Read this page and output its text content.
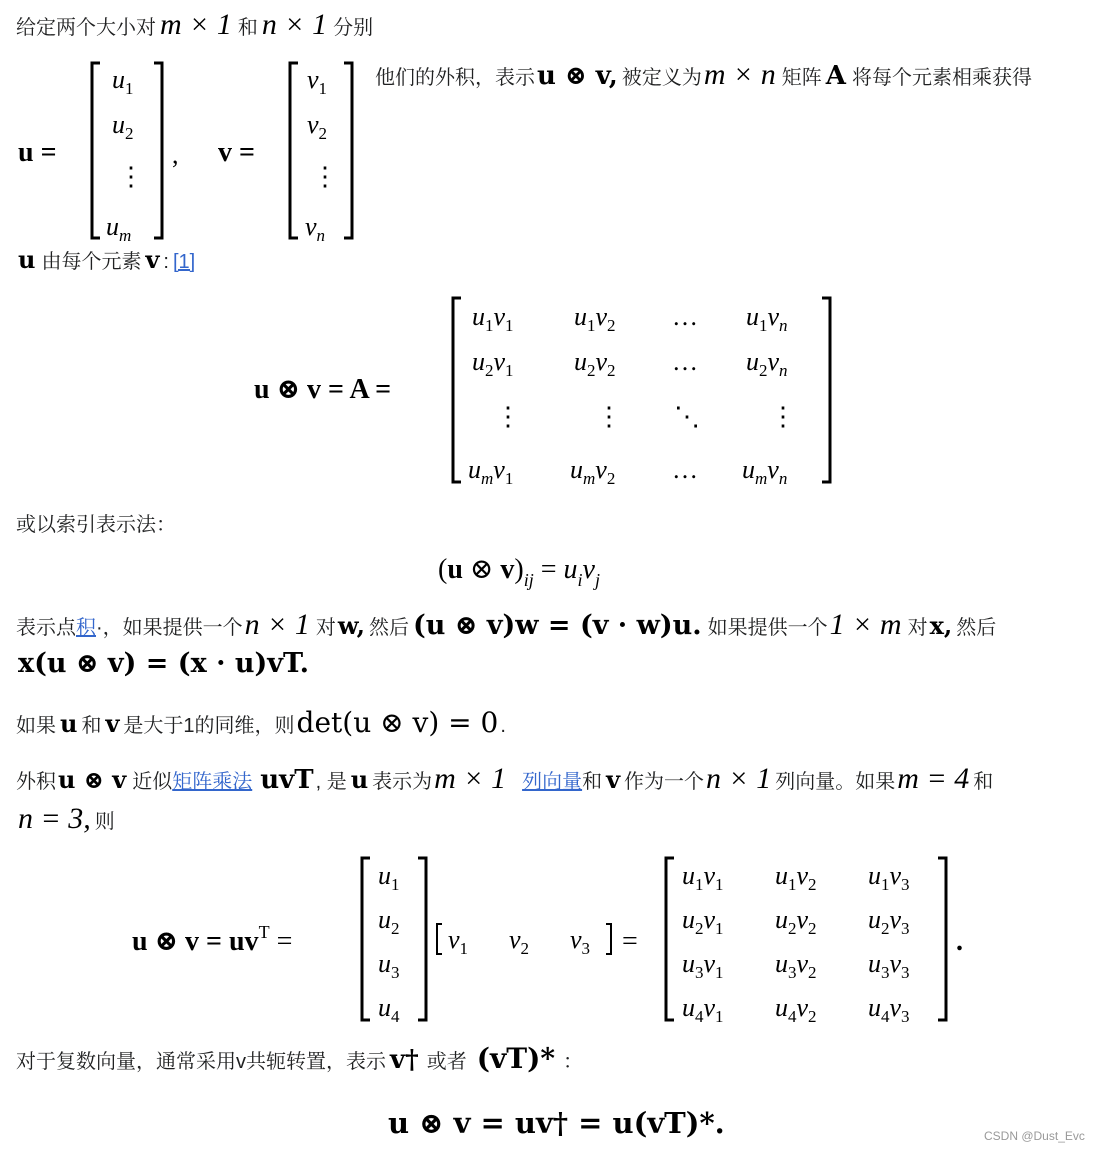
给定两个大小对 m × 1 和 n × 1 分别
u =
$u_1$
$u_2$
⋮
$u_m$
, v =
$v_1$
$v_2$
⋮
$v_n$
他们的外积，表示 u ⊗ v, 被定义为 m × n 矩阵 A 将每个元素相乘获得
u 由每个元素 v : [1]
u ⊗ v = A =
$u_1v_1$ $u_1v_2$ … $u_1v_n$
$u_2v_1$ $u_2v_2$ … $u_2v_n$
⋮	⋮ ⋱	⋮
$u_mv_1$ $u_mv_2$ … $u_mv_n$
或以索引表示法：
(u ⊗ $v)_{ij} = u_iv_j$
表示点 积 ·，如果提供一个 n × 1 对 w, 然后 (u ⊗ v)w = (v · w)u. 如果提供一个 1 × m 对 x, 然后
x(u ⊗ v) = (x · u)vT.
如果 u 和 v 是大于1的同维，则 det(u ⊗ v) = 0 .
外积 u ⊗ v 近似 矩阵乘法 uvT , 是 u 表示为 m × 1 列向量 和 v 作为一个 n × 1 列向量。如果 m = 4 和
n = 3, 则
u ⊗ $v = uv^T$ =
$u_1$
$u_2$
$u_3$
$u_4$
$v_1$ $v_2$ $v_3$ =
$u_1v_1$ $u_1v_2$ $u_1v_3$
$u_2v_1$ $u_2v_2$ $u_2v_3$
$u_3v_1$ $u_3v_2$ $u_3v_3$
$u_4v_1$ $u_4v_2$ $u_4v_3$
.
对于复数向量，通常采用v共轭转置，表示 v† 或者 (vT)* ：
u ⊗ v = uv† = u(vT)*.	CSDN @Dust_Evc
